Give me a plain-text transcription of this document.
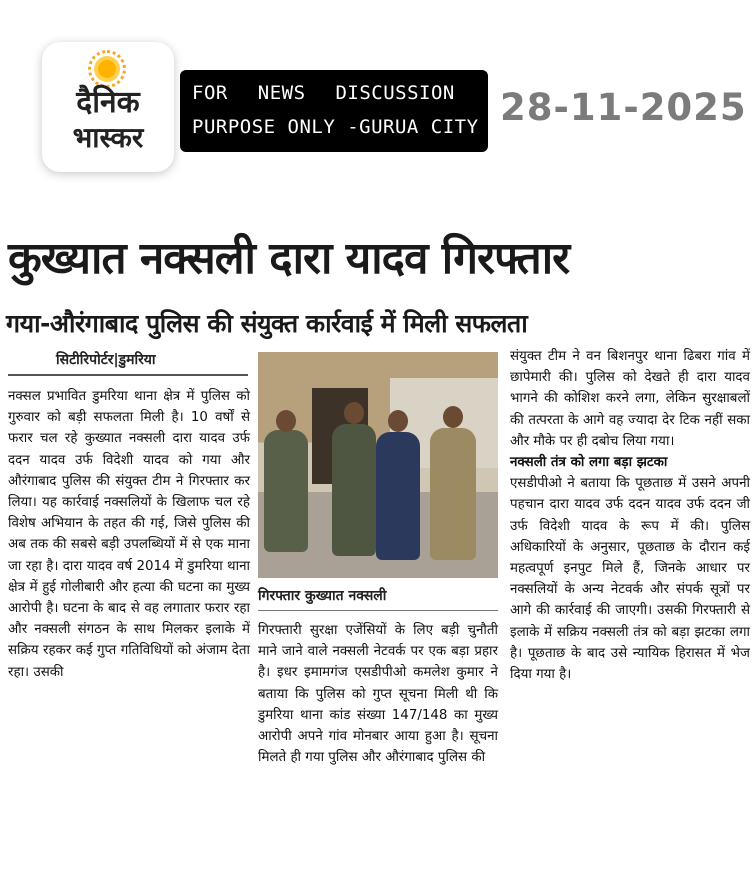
दैनिक
भास्कर
FOR NEWS DISCUSSION
PURPOSE ONLY -GURUA CITY 28-11-2025
कुख्यात नक्सली दारा यादव गिरफ्तार
गया-औरंगाबाद पुलिस की संयुक्त कार्रवाई में मिली सफलता
सिटीरिपोर्टर|डुमरिया

नक्सल प्रभावित डुमरिया थाना क्षेत्र में पुलिस को गुरुवार को बड़ी सफलता मिली है। 10 वर्षों से फरार चल रहे कुख्यात नक्सली दारा यादव उर्फ ददन यादव उर्फ विदेशी यादव को गया और औरंगाबाद पुलिस की संयुक्त टीम ने गिरफ्तार कर लिया। यह कार्रवाई नक्सलियों के खिलाफ चल रहे विशेष अभियान के तहत की गई, जिसे पुलिस की अब तक की सबसे बड़ी उपलब्धियों में से एक माना जा रहा है। दारा यादव वर्ष 2014 में डुमरिया थाना क्षेत्र में हुई गोलीबारी और हत्या की घटना का मुख्य आरोपी है। घटना के बाद से वह लगातार फरार रहा और नक्सली संगठन के साथ मिलकर इलाके में सक्रिय रहकर कई गुप्त गतिविधियों को अंजाम देता रहा। उसकी

गिरफ्तार कुख्यात नक्सली

गिरफ्तारी सुरक्षा एजेंसियों के लिए बड़ी चुनौती माने जाने वाले नक्सली नेटवर्क पर एक बड़ा प्रहार है। इधर इमामगंज एसडीपीओ कमलेश कुमार ने बताया कि पुलिस को गुप्त सूचना मिली थी कि डुमरिया थाना कांड संख्या 147/148 का मुख्य आरोपी अपने गांव मोनबार आया हुआ है। सूचना मिलते ही गया पुलिस और औरंगाबाद पुलिस की

संयुक्त टीम ने वन बिशनपुर थाना ढिबरा गांव में छापेमारी की। पुलिस को देखते ही दारा यादव भागने की कोशिश करने लगा, लेकिन सुरक्षाबलों की तत्परता के आगे वह ज्यादा देर टिक नहीं सका और मौके पर ही दबोच लिया गया।

नक्सली तंत्र को लगा बड़ा झटका

एसडीपीओ ने बताया कि पूछताछ में उसने अपनी पहचान दारा यादव उर्फ ददन यादव उर्फ ददन जी उर्फ विदेशी यादव के रूप में की। पुलिस अधिकारियों के अनुसार, पूछताछ के दौरान कई महत्वपूर्ण इनपुट मिले हैं, जिनके आधार पर नक्सलियों के अन्य नेटवर्क और संपर्क सूत्रों पर आगे की कार्रवाई की जाएगी। उसकी गिरफ्तारी से इलाके में सक्रिय नक्सली तंत्र को बड़ा झटका लगा है। पूछताछ के बाद उसे न्यायिक हिरासत में भेज दिया गया है।
